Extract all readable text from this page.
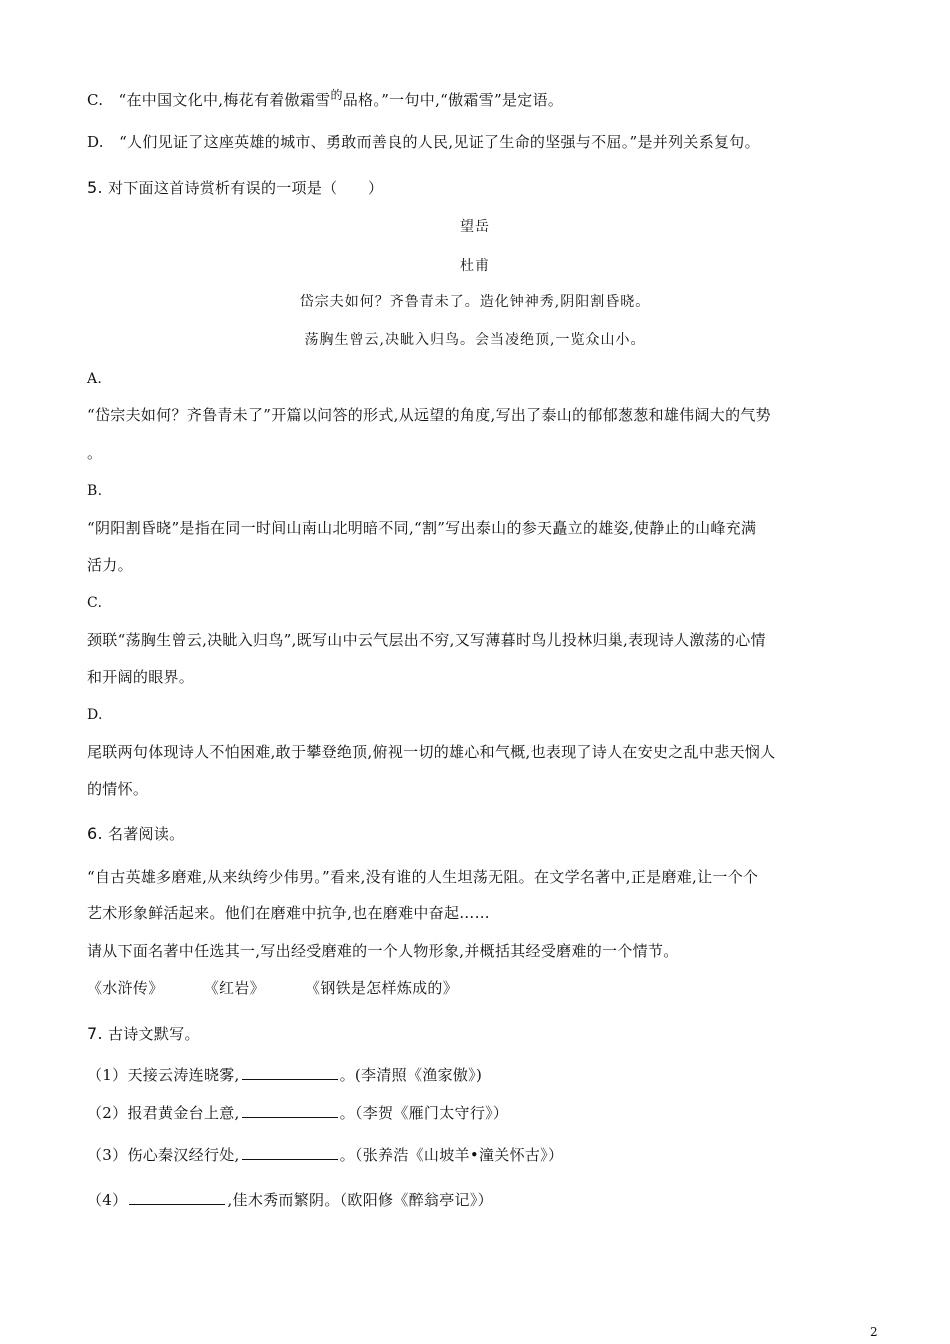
C. “在中国文化中,梅花有着傲霜雪$^的$品格。”一句中,“傲霜雪”是定语。
D. “人们见证了这座英雄的城市、勇敢而善良的人民,见证了生命的坚强与不屈。”是并列关系复句。
5. 对下面这首诗赏析有误的一项是（　　）
望岳
杜甫
岱宗夫如何？齐鲁青未了。造化钟神秀,阴阳割昏晓。
荡胸生曾云,决眦入归鸟。会当凌绝顶,一览众山小。
A.
“岱宗夫如何？齐鲁青未了”开篇以问答的形式,从远望的角度,写出了泰山的郁郁葱葱和雄伟阔大的气势
。
B.
“阴阳割昏晓”是指在同一时间山南山北明暗不同,“割”写出泰山的参天矗立的雄姿,使静止的山峰充满
活力。
C.
颈联“荡胸生曾云,决眦入归鸟”,既写山中云气层出不穷,又写薄暮时鸟儿投林归巢,表现诗人激荡的心情
和开阔的眼界。
D.
尾联两句体现诗人不怕困难,敢于攀登绝顶,俯视一切的雄心和气概,也表现了诗人在安史之乱中悲天悯人
的情怀。
6. 名著阅读。
“自古英雄多磨难,从来纨绔少伟男。”看来,没有谁的人生坦荡无阻。在文学名著中,正是磨难,让一个个
艺术形象鲜活起来。他们在磨难中抗争,也在磨难中奋起……
请从下面名著中任选其一,写出经受磨难的一个人物形象,并概括其经受磨难的一个情节。
《水浒传》	《红岩》	《钢铁是怎样炼成的》
7. 古诗文默写。
（1）天接云涛连晓雾,	。(李清照《渔家傲》)
（2）报君黄金台上意,	。（李贺《雁门太守行》）
（3）伤心秦汉经行处,	。（张养浩《山坡羊•潼关怀古》）
（4）	,佳木秀而繁阴。（欧阳修《醉翁亭记》）
2
